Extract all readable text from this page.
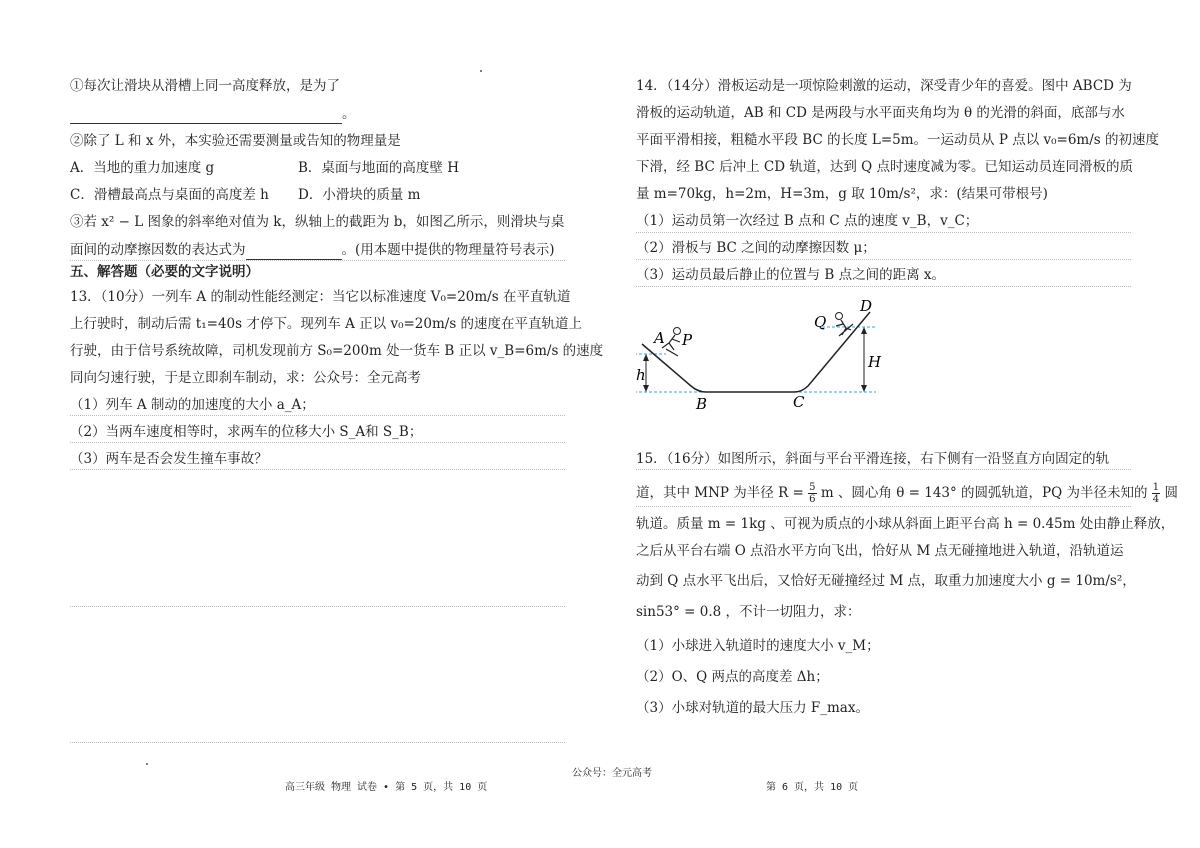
①每次让滑块从滑槽上同一高度释放，是为了
。
②除了 L 和 x 外，本实验还需要测量或告知的物理量是
A．当地的重力加速度 g	B．桌面与地面的高度壁 H
C．滑槽最高点与桌面的高度差 h D．小滑块的质量 m
③若 x² − L 图象的斜率绝对值为 k，纵轴上的截距为 b，如图乙所示，则滑块与桌
面间的动摩擦因数的表达式为	。(用本题中提供的物理量符号表示)
五、解答题（必要的文字说明）
13．（10分）一列车 A 的制动性能经测定：当它以标准速度 V₀=20m/s 在平直轨道
上行驶时，制动后需 t₁=40s 才停下。现列车 A 正以 v₀=20m/s 的速度在平直轨道上
行驶，由于信号系统故障，司机发现前方 S₀=200m 处一货车 B 正以 v_B=6m/s 的速度
同向匀速行驶，于是立即刹车制动，求：公众号：全元高考
（1）列车 A 制动的加速度的大小 a_A；
（2）当两车速度相等时，求两车的位移大小 S_A和 S_B；
（3）两车是否会发生撞车事故？
14．（14分）滑板运动是一项惊险刺激的运动，深受青少年的喜爱。图中 ABCD 为
滑板的运动轨道，AB 和 CD 是两段与水平面夹角均为 θ 的光滑的斜面，底部与水
平面平滑相接，粗糙水平段 BC 的长度 L=5m。一运动员从 P 点以 v₀=6m/s 的初速度
下滑，经 BC 后冲上 CD 轨道，达到 Q 点时速度减为零。已知运动员连同滑板的质
量 m=70kg，h=2m，H=3m，g 取 10m/s²，求：(结果可带根号)
（1）运动员第一次经过 B 点和 C 点的速度 v_B，v_C；
（2）滑板与 BC 之间的动摩擦因数 μ；
（3）运动员最后静止的位置与 B 点之间的距离 x。
A P
h
B	C
Q
D
H
15．（16分）如图所示，斜面与平台平滑连接，右下侧有一沿竖直方向固定的轨
道，其中 MNP 为半径 $R = \frac{5}{6}$ m 、圆心角 θ = 143° 的圆弧轨道，PQ 为半径未知的 $\frac{1}{4}$ 圆
轨道。质量 m = 1kg 、可视为质点的小球从斜面上距平台高 h = 0.45m 处由静止释放，
之后从平台右端 O 点沿水平方向飞出，恰好从 M 点无碰撞地进入轨道，沿轨道运
动到 Q 点水平飞出后，又恰好无碰撞经过 M 点，取重力加速度大小 g = 10m/s²，
sin53° = 0.8 ，不计一切阻力，求：
（1）小球进入轨道时的速度大小 v_M；
（2）O、Q 两点的高度差 Δh；
（3）小球对轨道的最大压力 F_max。
公众号：全元高考
高三年级 物理 试卷 • 第 5 页，共 10 页	第 6 页，共 10 页
